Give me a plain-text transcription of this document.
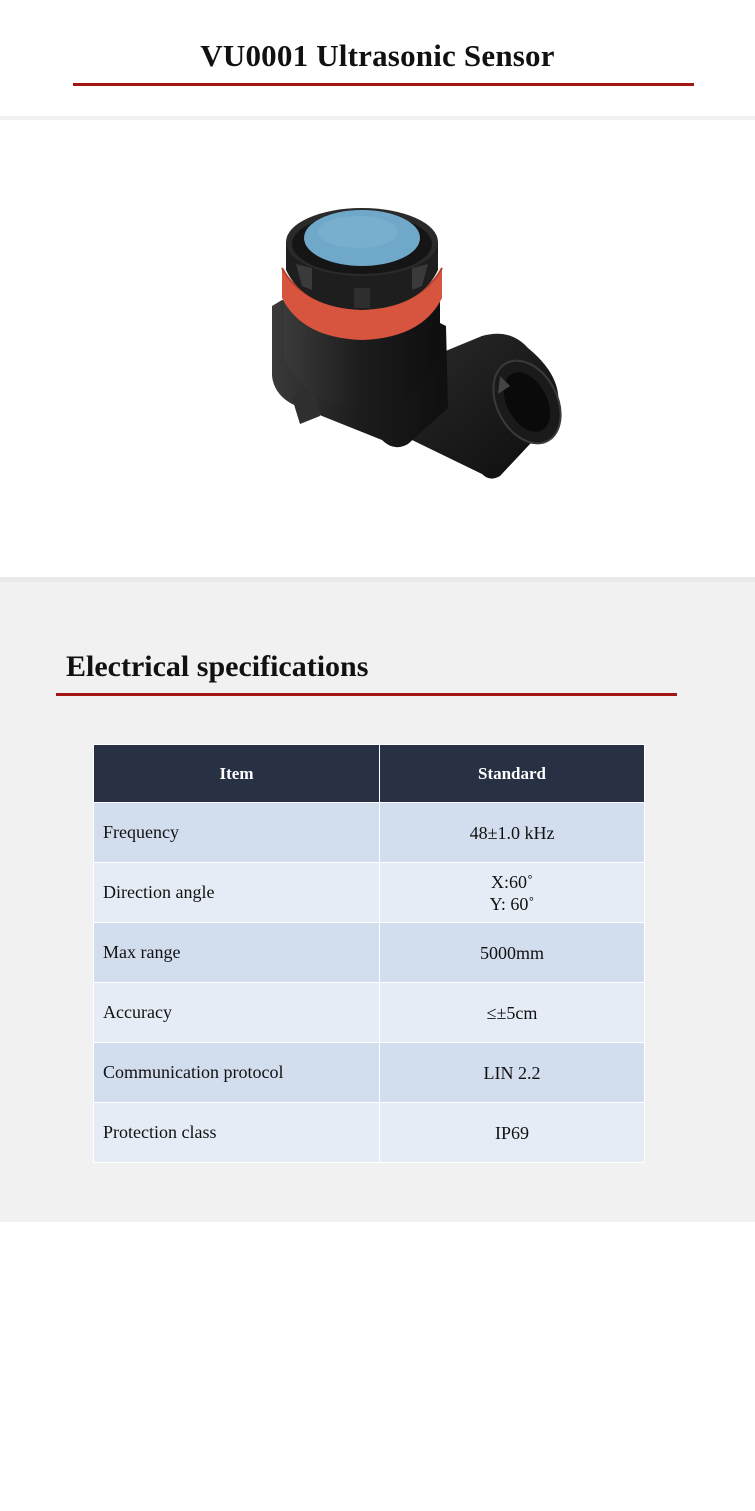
VU0001 Ultrasonic Sensor
Electrical specifications
Item	Standard
Frequency	48±1.0 kHz

Direction angle	X:60˚
Y: 60˚

Max range	5000mm

Accuracy	≤±5cm

Communication protocol	LIN 2.2

Protection class	IP69
